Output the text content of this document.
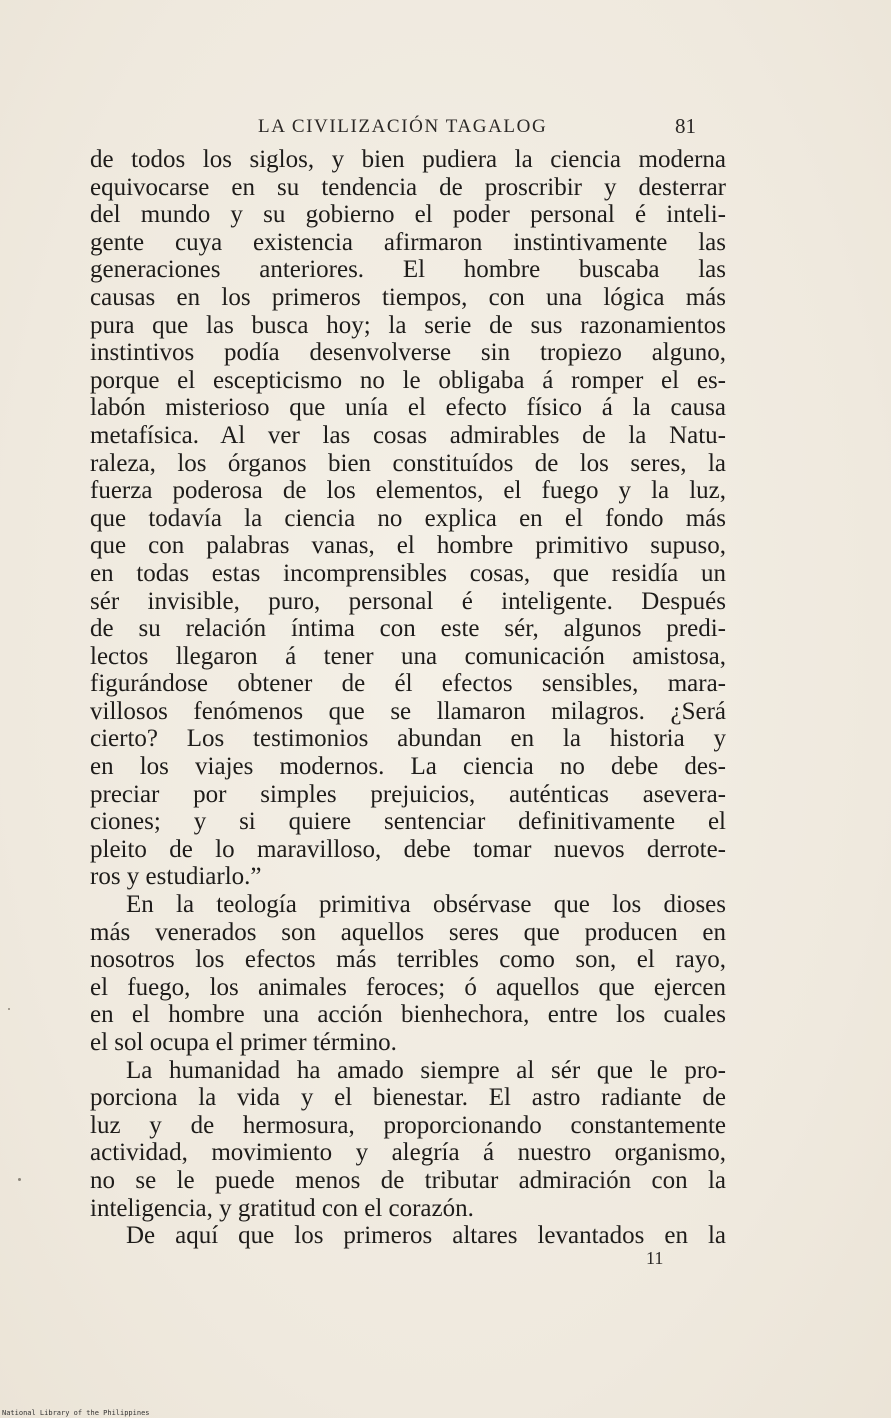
LA CIVILIZACIÓN TAGALOG	81
de todos los siglos, y bien pudiera la ciencia moderna
equivocarse en su tendencia de proscribir y desterrar
del mundo y su gobierno el poder personal é inteli-
gente cuya existencia afirmaron instintivamente las
generaciones anteriores. El hombre buscaba las
causas en los primeros tiempos, con una lógica más
pura que las busca hoy; la serie de sus razonamientos
instintivos podía desenvolverse sin tropiezo alguno,
porque el escepticismo no le obligaba á romper el es-
labón misterioso que unía el efecto físico á la causa
metafísica. Al ver las cosas admirables de la Natu-
raleza, los órganos bien constituídos de los seres, la
fuerza poderosa de los elementos, el fuego y la luz,
que todavía la ciencia no explica en el fondo más
que con palabras vanas, el hombre primitivo supuso,
en todas estas incomprensibles cosas, que residía un
sér invisible, puro, personal é inteligente. Después
de su relación íntima con este sér, algunos predi-
lectos llegaron á tener una comunicación amistosa,
figurándose obtener de él efectos sensibles, mara-
villosos fenómenos que se llamaron milagros. ¿Será
cierto? Los testimonios abundan en la historia y
en los viajes modernos. La ciencia no debe des-
preciar por simples prejuicios, auténticas asevera-
ciones; y si quiere sentenciar definitivamente el
pleito de lo maravilloso, debe tomar nuevos derrote-
ros y estudiarlo.”
En la teología primitiva obsérvase que los dioses
más venerados son aquellos seres que producen en
nosotros los efectos más terribles como son, el rayo,
el fuego, los animales feroces; ó aquellos que ejercen
en el hombre una acción bienhechora, entre los cuales
el sol ocupa el primer término.
La humanidad ha amado siempre al sér que le pro-
porciona la vida y el bienestar. El astro radiante de
luz y de hermosura, proporcionando constantemente
actividad, movimiento y alegría á nuestro organismo,
no se le puede menos de tributar admiración con la
inteligencia, y gratitud con el corazón.
De aquí que los primeros altares levantados en la
11
National Library of the Philippines
